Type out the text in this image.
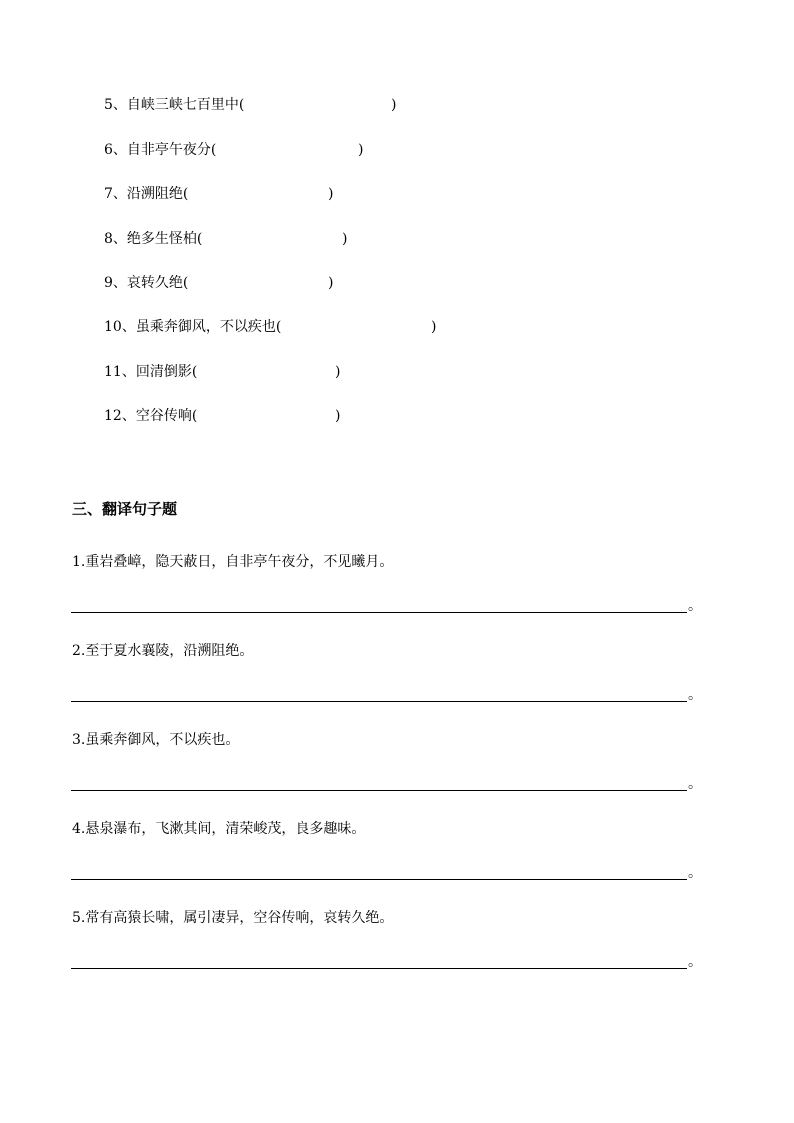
5、自峡三峡七百里中(	)
6、自非亭午夜分(	)
7、沿溯阻绝(	)
8、绝多生怪柏(	)
9、哀转久绝(	)
10、虽乘奔御风，不以疾也(	)
11、回清倒影(	)
12、空谷传响(	)
三、翻译句子题
1.重岩叠嶂，隐天蔽日，自非亭午夜分，不见曦月。
。
2.至于夏水襄陵，沿溯阻绝。
。
3.虽乘奔御风，不以疾也。
。
4.悬泉瀑布，飞漱其间，清荣峻茂，良多趣味。
。
5.常有高猿长啸，属引凄异，空谷传响，哀转久绝。
。
